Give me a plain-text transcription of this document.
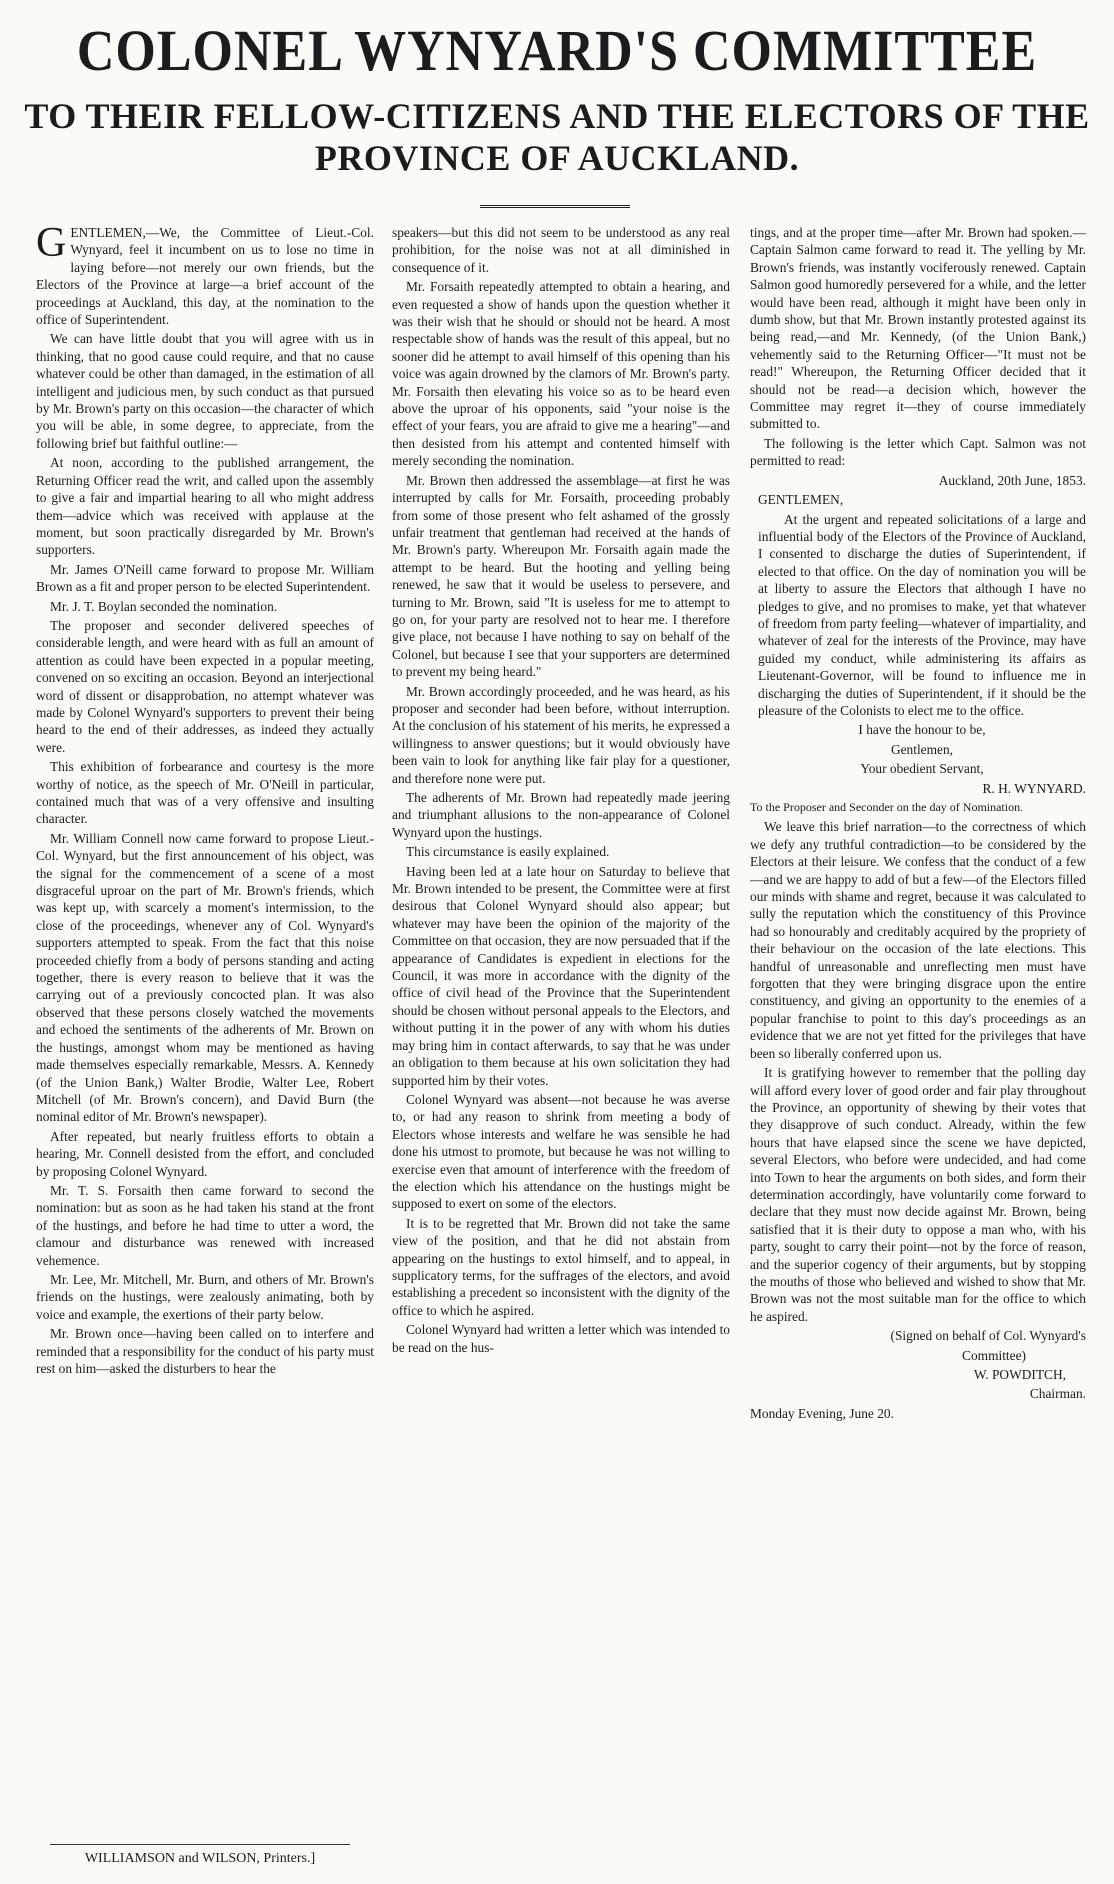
COLONEL WYNYARD'S COMMITTEE
TO THEIR FELLOW-CITIZENS AND THE ELECTORS OF THE
PROVINCE OF AUCKLAND.

GENTLEMEN,—We, the Committee of Lieut.-Col. Wynyard, feel it incumbent on us to lose no time in laying before—not merely our own friends, but the Electors of the Province at large—a brief account of the proceedings at Auckland, this day, at the nomination to the office of Superintendent.

We can have little doubt that you will agree with us in thinking, that no good cause could require, and that no cause whatever could be other than damaged, in the estimation of all intelligent and judicious men, by such conduct as that pursued by Mr. Brown's party on this occasion—the character of which you will be able, in some degree, to appreciate, from the following brief but faithful outline:—

At noon, according to the published arrangement, the Returning Officer read the writ, and called upon the assembly to give a fair and impartial hearing to all who might address them—advice which was received with applause at the moment, but soon practically disregarded by Mr. Brown's supporters.

Mr. James O'Neill came forward to propose Mr. William Brown as a fit and proper person to be elected Superintendent.

Mr. J. T. Boylan seconded the nomination.

The proposer and seconder delivered speeches of considerable length, and were heard with as full an amount of attention as could have been expected in a popular meeting, convened on so exciting an occasion. Beyond an interjectional word of dissent or disapprobation, no attempt whatever was made by Colonel Wynyard's supporters to prevent their being heard to the end of their addresses, as indeed they actually were.

This exhibition of forbearance and courtesy is the more worthy of notice, as the speech of Mr. O'Neill in particular, contained much that was of a very offensive and insulting character.

Mr. William Connell now came forward to propose Lieut.-Col. Wynyard, but the first announcement of his object, was the signal for the commencement of a scene of a most disgraceful uproar on the part of Mr. Brown's friends, which was kept up, with scarcely a moment's intermission, to the close of the proceedings, whenever any of Col. Wynyard's supporters attempted to speak. From the fact that this noise proceeded chiefly from a body of persons standing and acting together, there is every reason to believe that it was the carrying out of a previously concocted plan. It was also observed that these persons closely watched the movements and echoed the sentiments of the adherents of Mr. Brown on the hustings, amongst whom may be mentioned as having made themselves especially remarkable, Messrs. A. Kennedy (of the Union Bank,) Walter Brodie, Walter Lee, Robert Mitchell (of Mr. Brown's concern), and David Burn (the nominal editor of Mr. Brown's newspaper).

After repeated, but nearly fruitless efforts to obtain a hearing, Mr. Connell desisted from the effort, and concluded by proposing Colonel Wynyard.

Mr. T. S. Forsaith then came forward to second the nomination: but as soon as he had taken his stand at the front of the hustings, and before he had time to utter a word, the clamour and disturbance was renewed with increased vehemence.

Mr. Lee, Mr. Mitchell, Mr. Burn, and others of Mr. Brown's friends on the hustings, were zealously animating, both by voice and example, the exertions of their party below.

Mr. Brown once—having been called on to interfere and reminded that a responsibility for the conduct of his party must rest on him—asked the disturbers to hear the

speakers—but this did not seem to be understood as any real prohibition, for the noise was not at all diminished in consequence of it.

Mr. Forsaith repeatedly attempted to obtain a hearing, and even requested a show of hands upon the question whether it was their wish that he should or should not be heard. A most respectable show of hands was the result of this appeal, but no sooner did he attempt to avail himself of this opening than his voice was again drowned by the clamors of Mr. Brown's party. Mr. Forsaith then elevating his voice so as to be heard even above the uproar of his opponents, said "your noise is the effect of your fears, you are afraid to give me a hearing"—and then desisted from his attempt and contented himself with merely seconding the nomination.

Mr. Brown then addressed the assemblage—at first he was interrupted by calls for Mr. Forsaith, proceeding probably from some of those present who felt ashamed of the grossly unfair treatment that gentleman had received at the hands of Mr. Brown's party. Whereupon Mr. Forsaith again made the attempt to be heard. But the hooting and yelling being renewed, he saw that it would be useless to persevere, and turning to Mr. Brown, said "It is useless for me to attempt to go on, for your party are resolved not to hear me. I therefore give place, not because I have nothing to say on behalf of the Colonel, but because I see that your supporters are determined to prevent my being heard."

Mr. Brown accordingly proceeded, and he was heard, as his proposer and seconder had been before, without interruption. At the conclusion of his statement of his merits, he expressed a willingness to answer questions; but it would obviously have been vain to look for anything like fair play for a questioner, and therefore none were put.

The adherents of Mr. Brown had repeatedly made jeering and triumphant allusions to the non-appearance of Colonel Wynyard upon the hustings.

This circumstance is easily explained.

Having been led at a late hour on Saturday to believe that Mr. Brown intended to be present, the Committee were at first desirous that Colonel Wynyard should also appear; but whatever may have been the opinion of the majority of the Committee on that occasion, they are now persuaded that if the appearance of Candidates is expedient in elections for the Council, it was more in accordance with the dignity of the office of civil head of the Province that the Superintendent should be chosen without personal appeals to the Electors, and without putting it in the power of any with whom his duties may bring him in contact afterwards, to say that he was under an obligation to them because at his own solicitation they had supported him by their votes.

Colonel Wynyard was absent—not because he was averse to, or had any reason to shrink from meeting a body of Electors whose interests and welfare he was sensible he had done his utmost to promote, but because he was not willing to exercise even that amount of interference with the freedom of the election which his attendance on the hustings might be supposed to exert on some of the electors.

It is to be regretted that Mr. Brown did not take the same view of the position, and that he did not abstain from appearing on the hustings to extol himself, and to appeal, in supplicatory terms, for the suffrages of the electors, and avoid establishing a precedent so inconsistent with the dignity of the office to which he aspired.

Colonel Wynyard had written a letter which was intended to be read on the hus-

tings, and at the proper time—after Mr. Brown had spoken.—Captain Salmon came forward to read it. The yelling by Mr. Brown's friends, was instantly vociferously renewed. Captain Salmon good humoredly persevered for a while, and the letter would have been read, although it might have been only in dumb show, but that Mr. Brown instantly protested against its being read,—and Mr. Kennedy, (of the Union Bank,) vehemently said to the Returning Officer—"It must not be read!" Whereupon, the Returning Officer decided that it should not be read—a decision which, however the Committee may regret it—they of course immediately submitted to.

The following is the letter which Capt. Salmon was not permitted to read:

Auckland, 20th June, 1853.

GENTLEMEN,

At the urgent and repeated solicitations of a large and influential body of the Electors of the Province of Auckland, I consented to discharge the duties of Superintendent, if elected to that office. On the day of nomination you will be at liberty to assure the Electors that although I have no pledges to give, and no promises to make, yet that whatever of freedom from party feeling—whatever of impartiality, and whatever of zeal for the interests of the Province, may have guided my conduct, while administering its affairs as Lieutenant-Governor, will be found to influence me in discharging the duties of Superintendent, if it should be the pleasure of the Colonists to elect me to the office.

I have the honour to be,

Gentlemen,

Your obedient Servant,

R. H. WYNYARD.

To the Proposer and Seconder on the day of Nomination.

We leave this brief narration—to the correctness of which we defy any truthful contradiction—to be considered by the Electors at their leisure. We confess that the conduct of a few—and we are happy to add of but a few—of the Electors filled our minds with shame and regret, because it was calculated to sully the reputation which the constituency of this Province had so honourably and creditably acquired by the propriety of their behaviour on the occasion of the late elections. This handful of unreasonable and unreflecting men must have forgotten that they were bringing disgrace upon the entire constituency, and giving an opportunity to the enemies of a popular franchise to point to this day's proceedings as an evidence that we are not yet fitted for the privileges that have been so liberally conferred upon us.

It is gratifying however to remember that the polling day will afford every lover of good order and fair play throughout the Province, an opportunity of shewing by their votes that they disapprove of such conduct. Already, within the few hours that have elapsed since the scene we have depicted, several Electors, who before were undecided, and had come into Town to hear the arguments on both sides, and form their determination accordingly, have voluntarily come forward to declare that they must now decide against Mr. Brown, being satisfied that it is their duty to oppose a man who, with his party, sought to carry their point—not by the force of reason, and the superior cogency of their arguments, but by stopping the mouths of those who believed and wished to show that Mr. Brown was not the most suitable man for the office to which he aspired.

(Signed on behalf of Col. Wynyard's

Committee)

W. POWDITCH,

Chairman.

Monday Evening, June 20.

WILLIAMSON and WILSON, Printers.]
